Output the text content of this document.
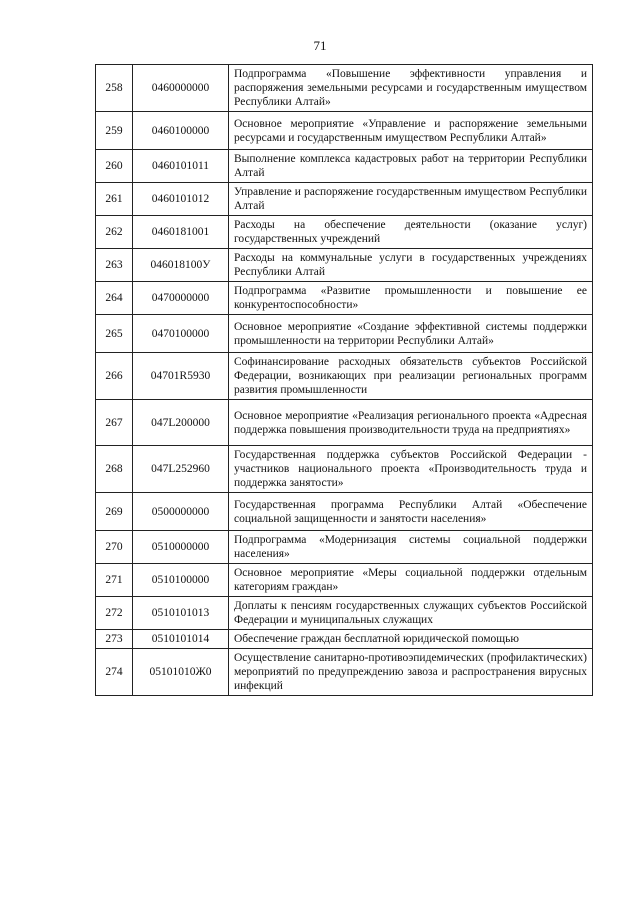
71
258	0460000000	Подпрограмма «Повышение эффективности управления и распоряжения земельными ресурсами и государственным имуществом Республики Алтай»
259	0460100000	Основное мероприятие «Управление и распоряжение земельными ресурсами и государственным имуществом Республики Алтай»
260	0460101011	Выполнение комплекса кадастровых работ на территории Республики Алтай
261	0460101012	Управление и распоряжение государственным имуществом Республики Алтай
262	0460181001	Расходы на обеспечение деятельности (оказание услуг) государственных учреждений
263	046018100У	Расходы на коммунальные услуги в государственных учреждениях Республики Алтай
264	0470000000	Подпрограмма «Развитие промышленности и повышение ее конкурентоспособности»
265	0470100000	Основное мероприятие «Создание эффективной системы поддержки промышленности на территории Республики Алтай»
266	04701R5930	Софинансирование расходных обязательств субъектов Российской Федерации, возникающих при реализации региональных программ развития промышленности
267	047L200000	Основное мероприятие «Реализация регионального проекта «Адресная поддержка повышения производительности труда на предприятиях»
268	047L252960	Государственная поддержка субъектов Российской Федерации - участников национального проекта «Производительность труда и поддержка занятости»
269	0500000000	Государственная программа Республики Алтай «Обеспечение социальной защищенности и занятости населения»
270	0510000000	Подпрограмма «Модернизация системы социальной поддержки населения»
271	0510100000	Основное мероприятие «Меры социальной поддержки отдельным категориям граждан»
272	0510101013	Доплаты к пенсиям государственных служащих субъектов Российской Федерации и муниципальных служащих
273	0510101014	Обеспечение граждан бесплатной юридической помощью
274	05101010Ж0	Осуществление санитарно-противоэпидемических (профилактических) мероприятий по предупреждению завоза и распространения вирусных инфекций
